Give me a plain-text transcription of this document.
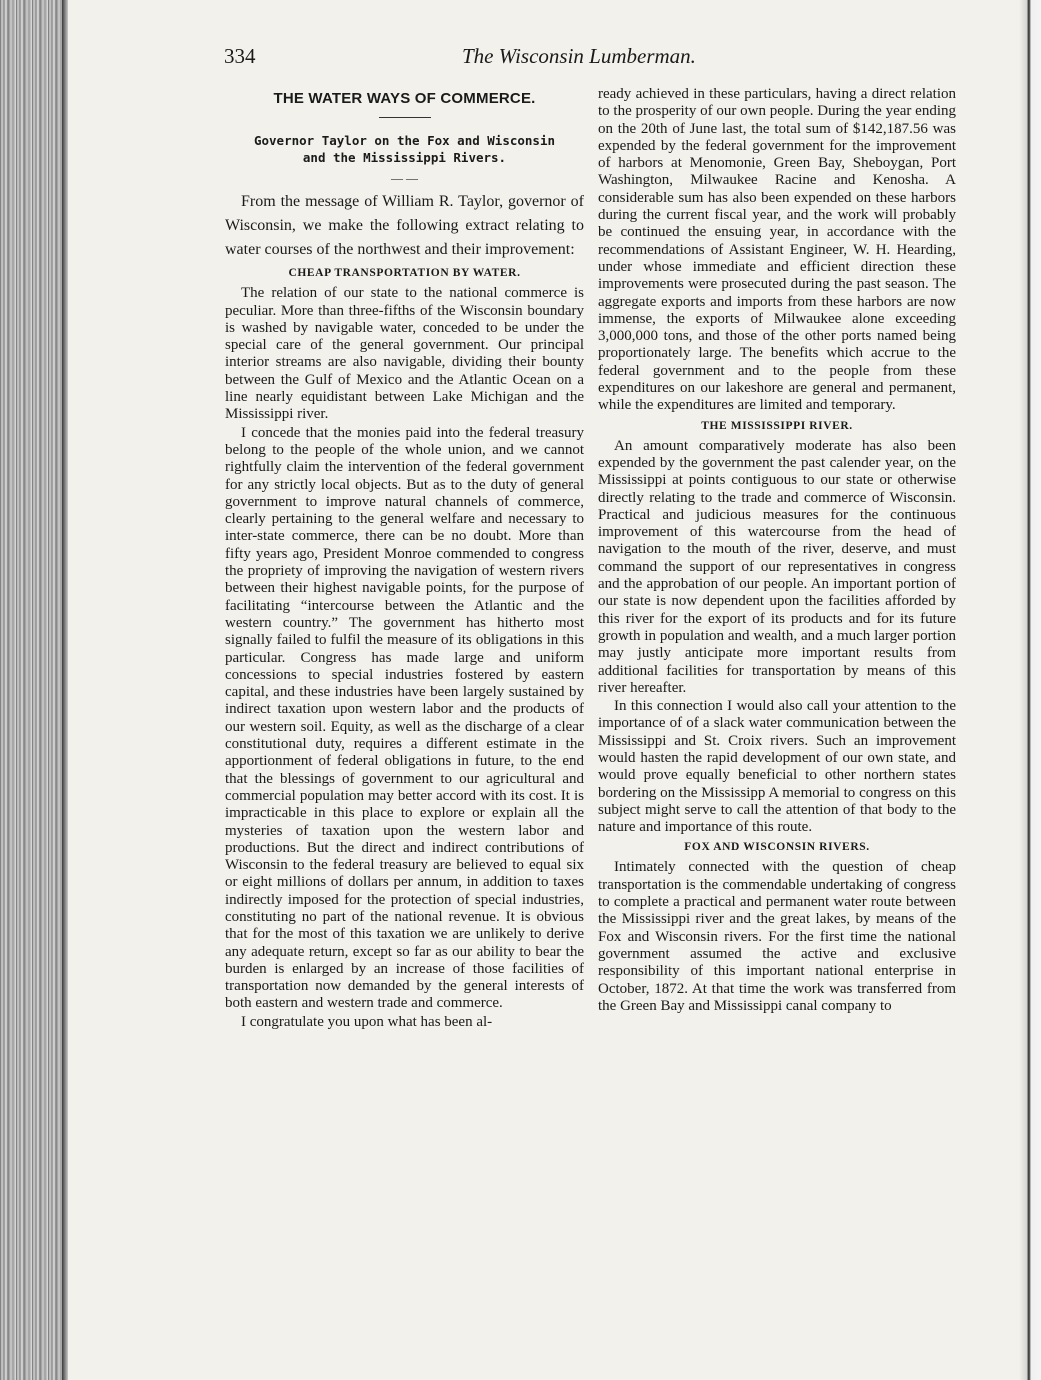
334	The Wisconsin Lumberman.
THE WATER WAYS OF COMMERCE.
Governor Taylor on the Fox and Wisconsin
and the Mississippi Rivers.
— —

From the message of William R. Taylor, governor of Wisconsin, we make the following extract relating to water courses of the northwest and their improvement:

CHEAP TRANSPORTATION BY WATER.

The relation of our state to the national commerce is peculiar. More than three-fifths of the Wisconsin boundary is washed by navigable water, conceded to be under the special care of the general government. Our principal interior streams are also navigable, dividing their bounty between the Gulf of Mexico and the Atlantic Ocean on a line nearly equidistant between Lake Michigan and the Mississippi river.

I concede that the monies paid into the federal treasury belong to the people of the whole union, and we cannot rightfully claim the intervention of the federal government for any strictly local objects. But as to the duty of general government to improve natural channels of commerce, clearly pertaining to the general welfare and necessary to inter-state commerce, there can be no doubt. More than fifty years ago, President Monroe commended to congress the propriety of improving the navigation of western rivers between their highest navigable points, for the purpose of facilitating “intercourse between the Atlantic and the western country.” The government has hitherto most signally failed to fulfil the measure of its obligations in this particular. Congress has made large and uniform concessions to special industries fostered by eastern capital, and these industries have been largely sustained by indirect taxation upon western labor and the products of our western soil. Equity, as well as the discharge of a clear constitutional duty, requires a different estimate in the apportionment of federal obligations in future, to the end that the blessings of government to our agricultural and commercial population may better accord with its cost. It is impracticable in this place to explore or explain all the mysteries of taxation upon the western labor and productions. But the direct and indirect contributions of Wisconsin to the federal treasury are believed to equal six or eight millions of dollars per annum, in addition to taxes indirectly imposed for the protection of special industries, constituting no part of the national revenue. It is obvious that for the most of this taxation we are unlikely to derive any adequate return, except so far as our ability to bear the burden is enlarged by an increase of those facilities of transportation now demanded by the general interests of both eastern and western trade and commerce.

I congratulate you upon what has been al-

ready achieved in these particulars, having a direct relation to the prosperity of our own people. During the year ending on the 20th of June last, the total sum of $142,187.56 was expended by the federal government for the improvement of harbors at Menomonie, Green Bay, Sheboygan, Port Washington, Milwaukee Racine and Kenosha. A considerable sum has also been expended on these harbors during the current fiscal year, and the work will probably be continued the ensuing year, in accordance with the recommendations of Assistant Engineer, W. H. Hearding, under whose immediate and efficient direction these improvements were prosecuted during the past season. The aggregate exports and imports from these harbors are now immense, the exports of Milwaukee alone exceeding 3,000,000 tons, and those of the other ports named being proportionately large. The benefits which accrue to the federal government and to the people from these expenditures on our lakeshore are general and permanent, while the expenditures are limited and temporary.

THE MISSISSIPPI RIVER.

An amount comparatively moderate has also been expended by the government the past calender year, on the Mississippi at points contiguous to our state or otherwise directly relating to the trade and commerce of Wisconsin. Practical and judicious measures for the continuous improvement of this watercourse from the head of navigation to the mouth of the river, deserve, and must command the support of our representatives in congress and the approbation of our people. An important portion of our state is now dependent upon the facilities afforded by this river for the export of its products and for its future growth in population and wealth, and a much larger portion may justly anticipate more important results from additional facilities for transportation by means of this river hereafter.

In this connection I would also call your attention to the importance of of a slack water communication between the Mississippi and St. Croix rivers. Such an improvement would hasten the rapid development of our own state, and would prove equally beneficial to other northern states bordering on the Mississipp A memorial to congress on this subject might serve to call the attention of that body to the nature and importance of this route.

FOX AND WISCONSIN RIVERS.

Intimately connected with the question of cheap transportation is the commendable undertaking of congress to complete a practical and permanent water route between the Mississippi river and the great lakes, by means of the Fox and Wisconsin rivers. For the first time the national government assumed the active and exclusive responsibility of this important national enterprise in October, 1872. At that time the work was transferred from the Green Bay and Mississippi canal company to
